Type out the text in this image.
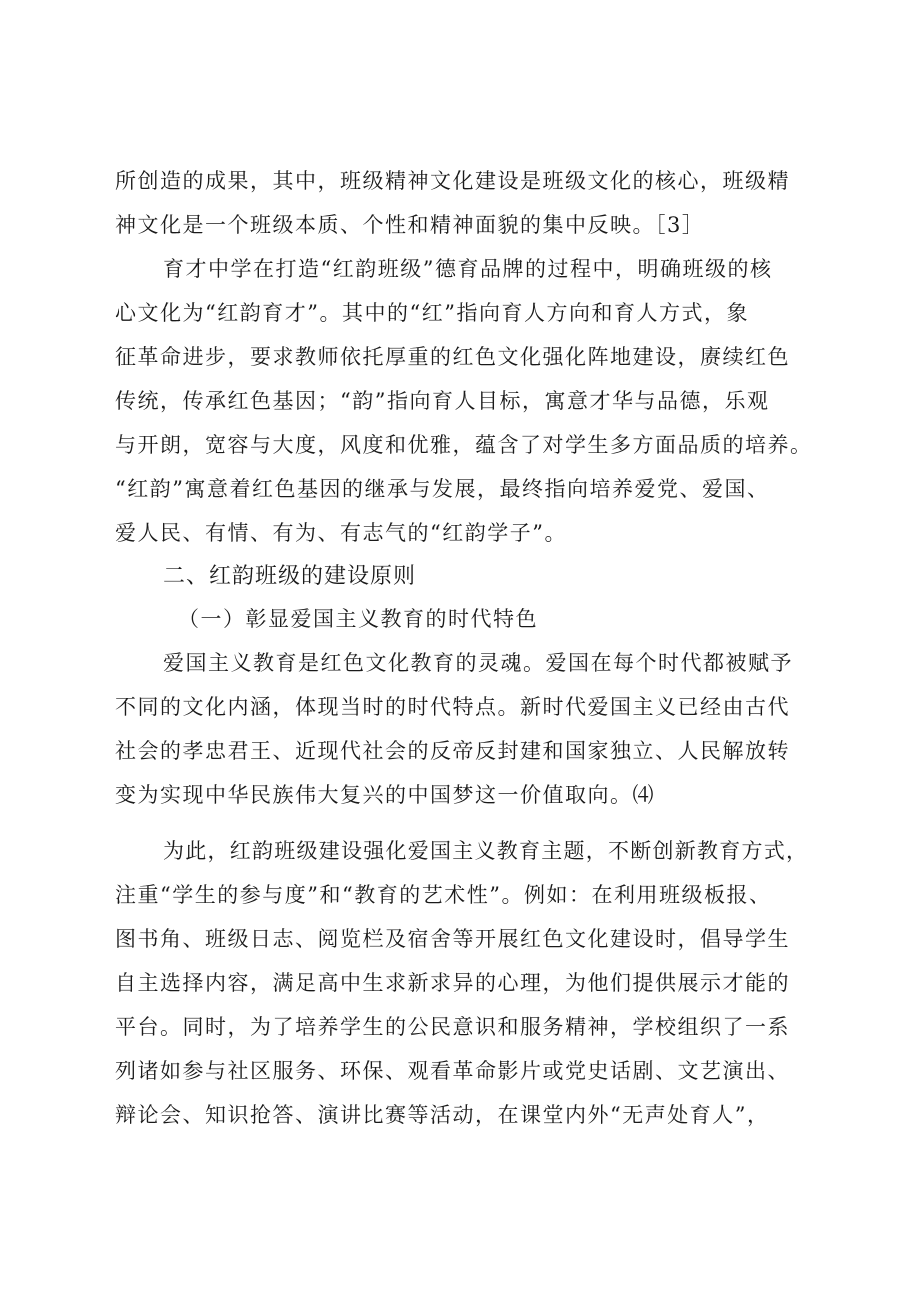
所创造的成果，其中，班级精神文化建设是班级文化的核心，班级精
神文化是一个班级本质、个性和精神面貌的集中反映。［3］
育才中学在打造“红韵班级”德育品牌的过程中，明确班级的核
心文化为“红韵育才”。其中的“红”指向育人方向和育人方式，象
征革命进步，要求教师依托厚重的红色文化强化阵地建设，赓续红色
传统，传承红色基因；“韵”指向育人目标，寓意才华与品德，乐观
与开朗，宽容与大度，风度和优雅，蕴含了对学生多方面品质的培养。
“红韵”寓意着红色基因的继承与发展，最终指向培养爱党、爱国、
爱人民、有情、有为、有志气的“红韵学子”。
二、红韵班级的建设原则
（一）彰显爱国主义教育的时代特色
爱国主义教育是红色文化教育的灵魂。爱国在每个时代都被赋予
不同的文化内涵，体现当时的时代特点。新时代爱国主义已经由古代
社会的孝忠君王、近现代社会的反帝反封建和国家独立、人民解放转
变为实现中华民族伟大复兴的中国梦这一价值取向。⑷
为此，红韵班级建设强化爱国主义教育主题，不断创新教育方式，
注重“学生的参与度”和“教育的艺术性”。例如：在利用班级板报、
图书角、班级日志、阅览栏及宿舍等开展红色文化建设时，倡导学生
自主选择内容，满足高中生求新求异的心理，为他们提供展示才能的
平台。同时，为了培养学生的公民意识和服务精神，学校组织了一系
列诸如参与社区服务、环保、观看革命影片或党史话剧、文艺演出、
辩论会、知识抢答、演讲比赛等活动，在课堂内外“无声处育人”，
